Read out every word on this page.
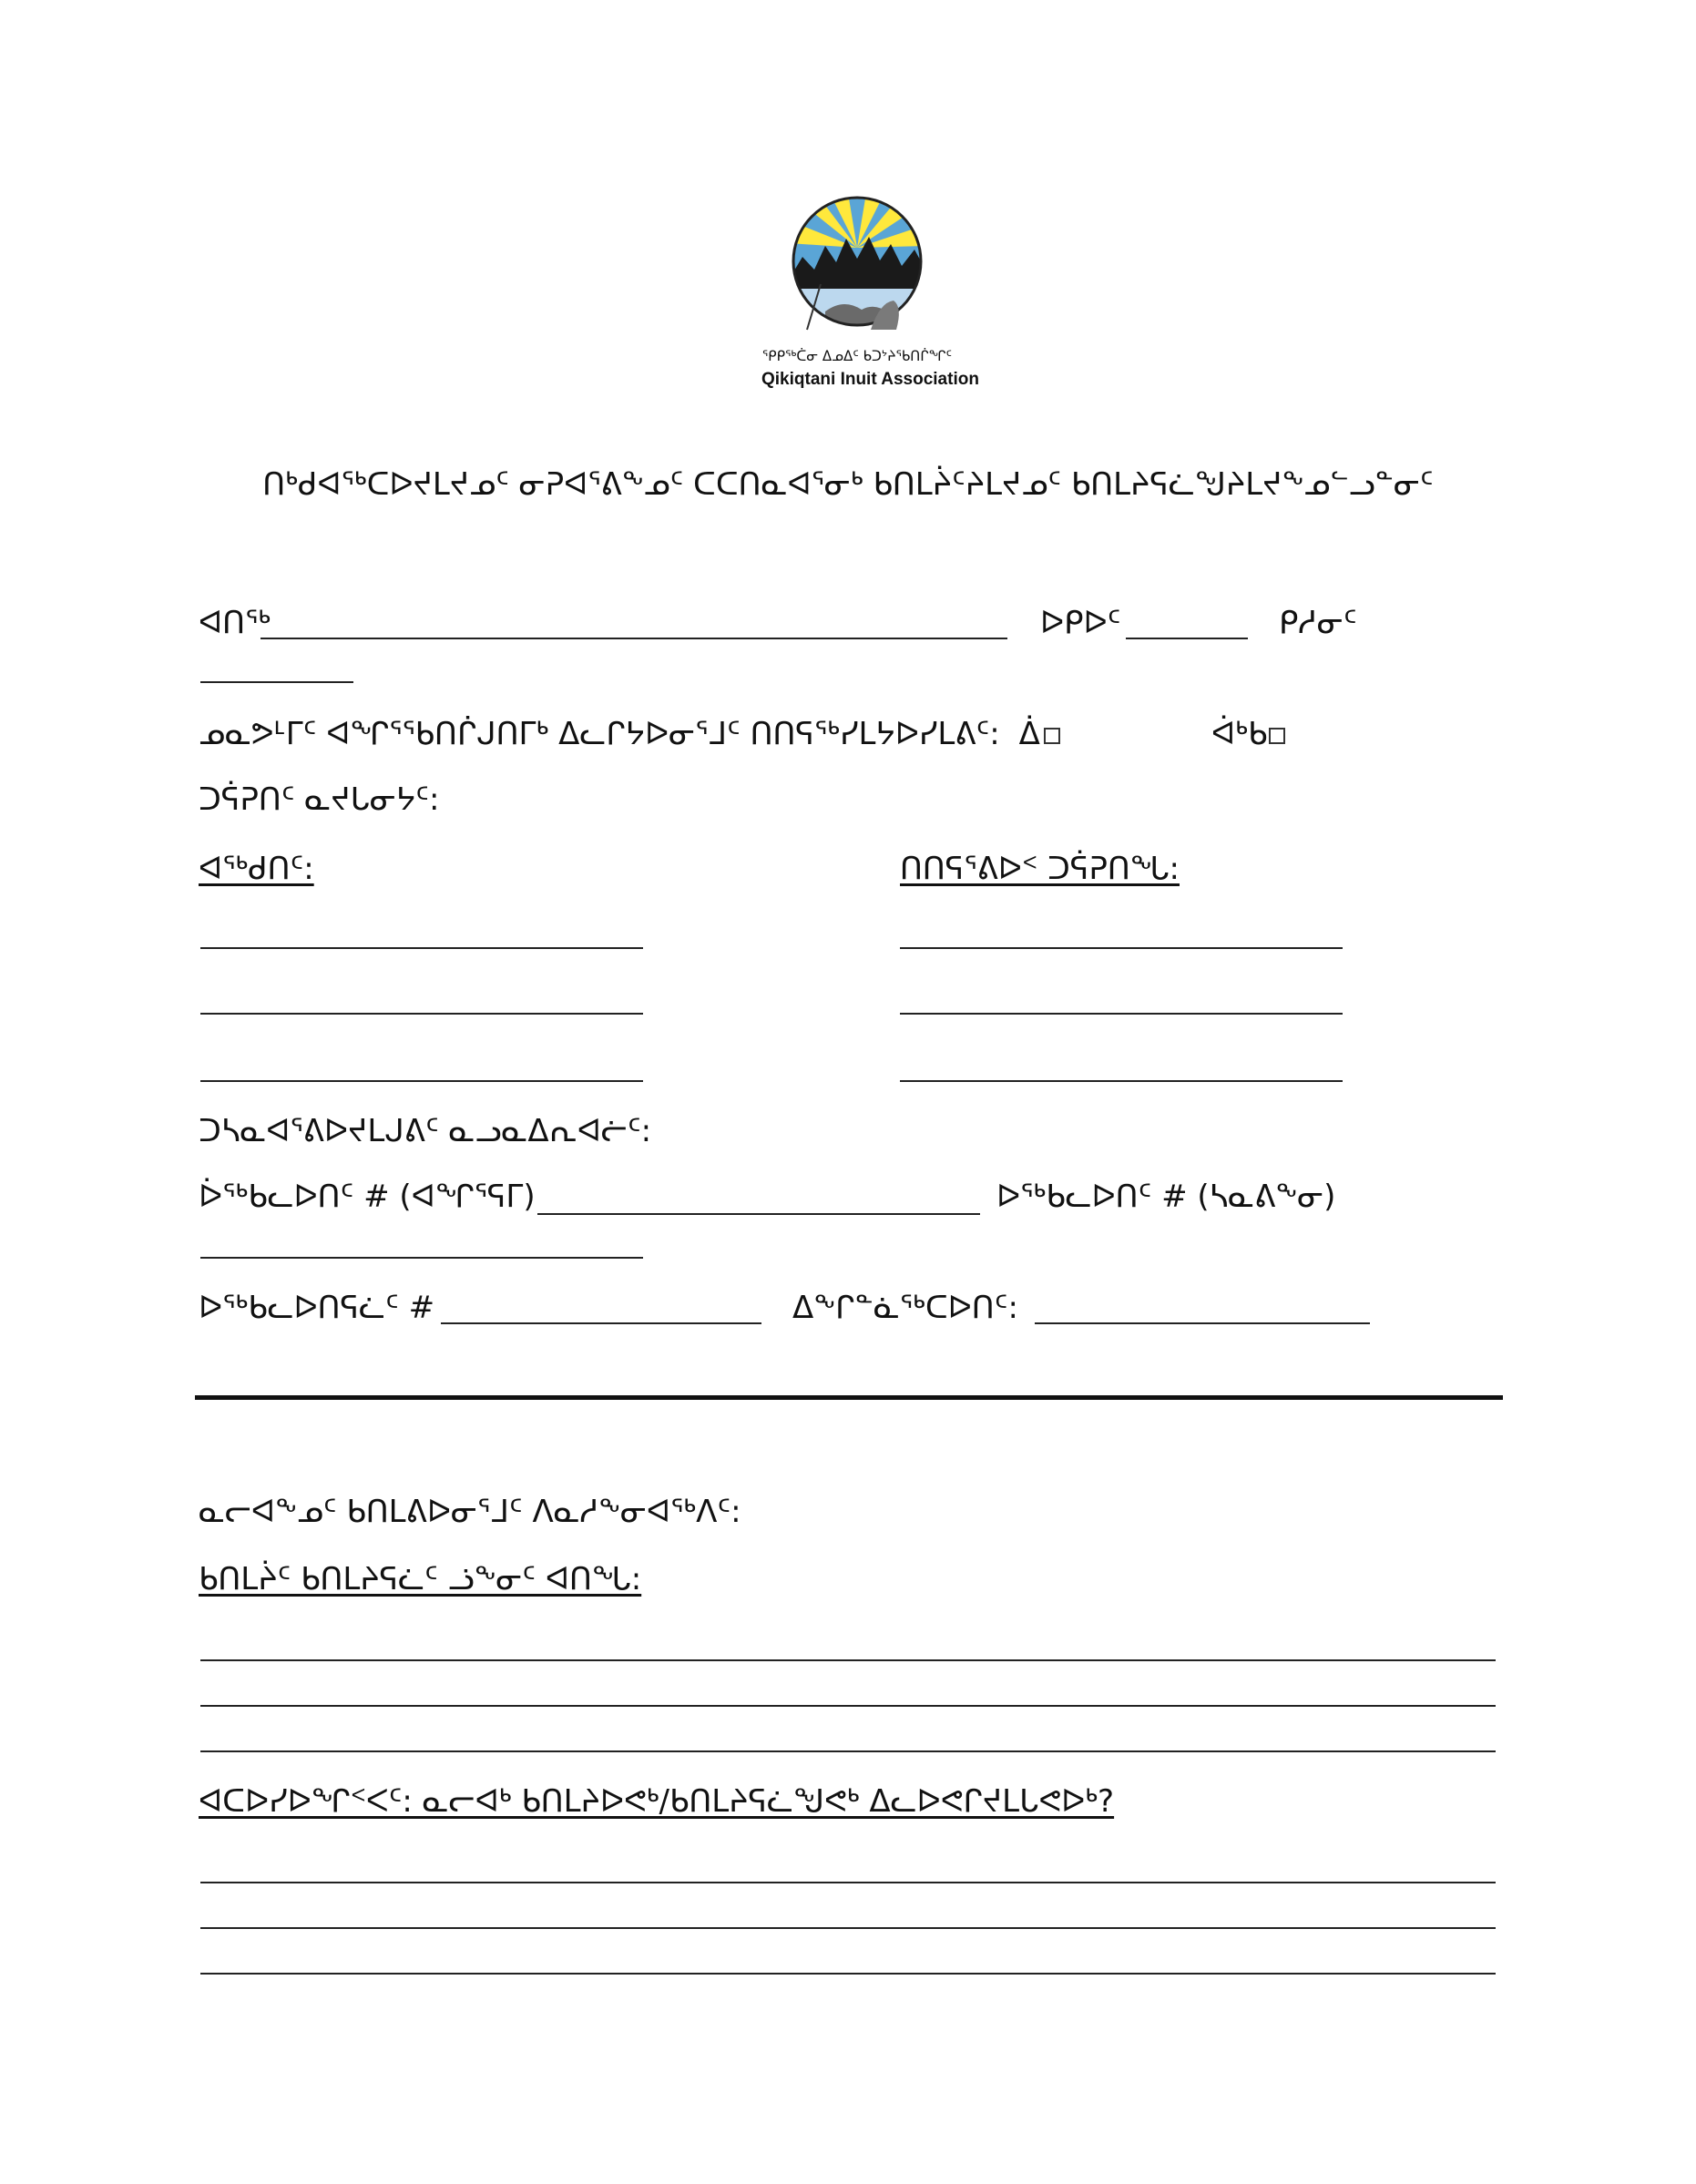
ᕿᑭᖅᑖᓂ ᐃᓄᐃᑦ ᑲᑐᔾᔨᖃᑎᒌᖏᑦ
Qikiqtani Inuit Association
ᑎᒃᑯᐊᖅᑕᐅᔪᒪᔪᓄᑦ ᓂᕈᐊᕐᕕᖕᓄᑦ ᑕᑕᑎᓇᐊᕐᓂᒃ ᑲᑎᒪᔩᑦᔨᒪᔪᓄᑦ ᑲᑎᒪᔨᕋᓛᖑᔨᒪᔪᖕᓄᓪᓗᓐᓂᑦ
ᐊᑎᖅ	ᐅᑭᐅᑦ	ᑭᓱᓂᑦ
ᓄᓇᕗᒻᒥᑦ ᐊᖏᕐᖃᑎᒌᒍᑎᒥᒃ ᐃᓚᒋᔭᐅᓂᕐᒧᑦ ᑎᑎᕋᖅᓯᒪᔭᐅᓯᒪᕕᑦ: ᐄ	ᐋᒃᑲ
ᑐᕌᕈᑎᑦ ᓇᔪᒐᓂᔭᑦ:
ᐊᖅᑯᑎᑦ:	ᑎᑎᕋᕐᕕᐅᑉ ᑐᕌᕈᑎᖓ:
ᑐᓴᓇᐊᕐᕕᐅᔪᒪᒍᕕᑦ ᓇᓗᓇᐃᕆᐊᓖᑦ:
ᐆᖅᑲᓚᐅᑎᑦ # (ᐊᖏᕐᕋᒥ)	ᐅᖅᑲᓚᐅᑎᑦ # (ᓴᓇᕕᖕᓂ)
ᐅᖅᑲᓚᐅᑎᕋᓛᑦ #	ᐃᖕᒋᓐᓈᖅᑕᐅᑎᑦ:
ᓇᓕᐊᖕᓄᑦ ᑲᑎᒪᕕᐅᓂᕐᒧᑦ ᐱᓇᓱᖕᓂᐊᖅᐱᑦ:
ᑲᑎᒪᔩᑦ ᑲᑎᒪᔨᕋᓛᑦ ᓘᖕᓂᑦ ᐊᑎᖓ:
ᐊᑕᐅᓯᐅᖏᑉᐸᑦ: ᓇᓕᐊᒃ ᑲᑎᒪᔨᐅᕙᒃ/ᑲᑎᒪᔨᕋᓛᖑᕙᒃ ᐃᓚᐅᕙᒋᔪᒪᒐᕙᐅᒃ?
